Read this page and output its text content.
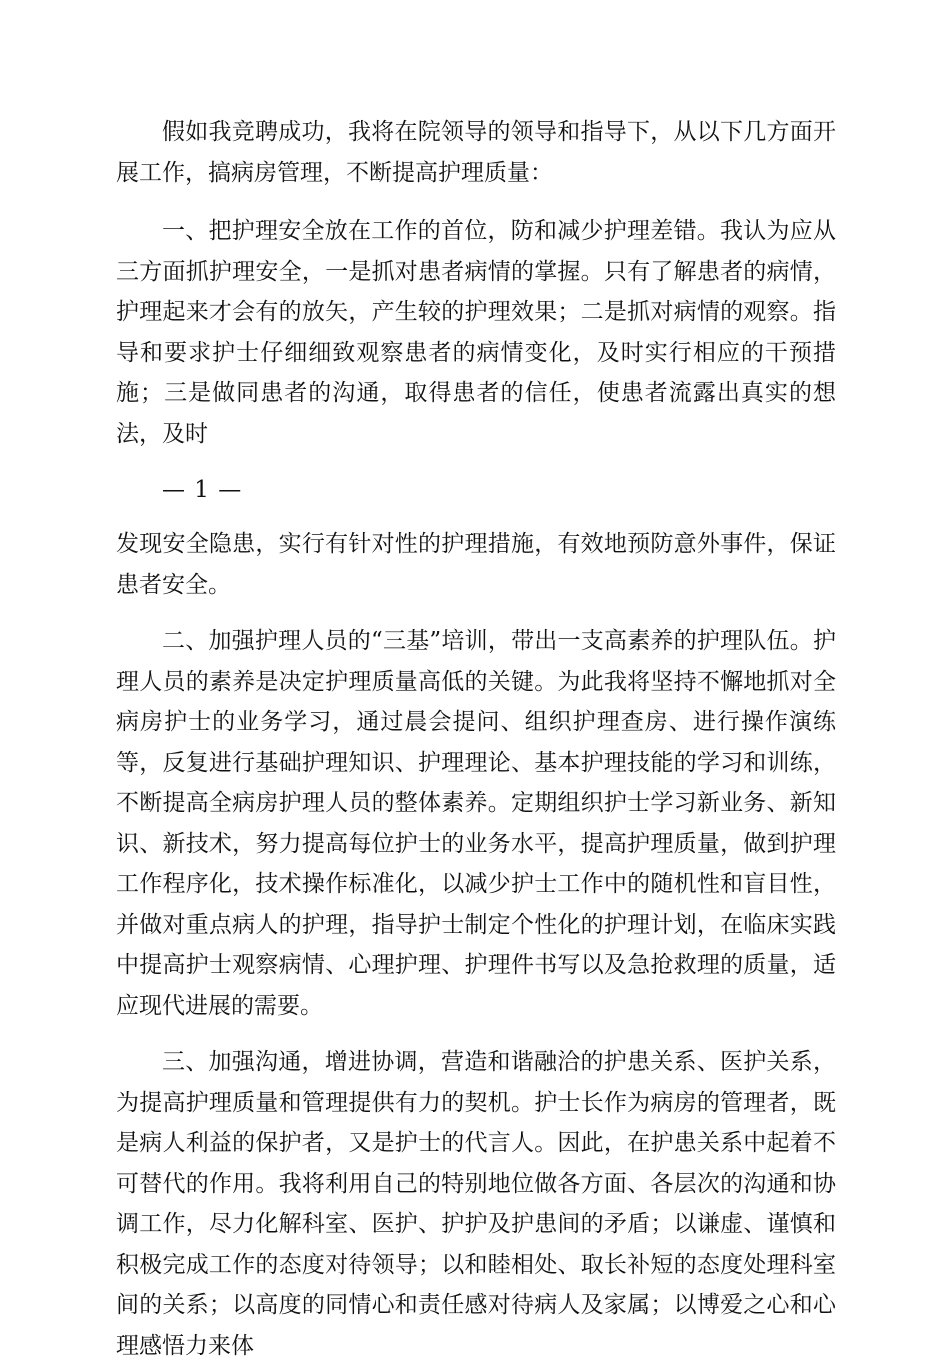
假如我竞聘成功，我将在院领导的领导和指导下，从以下几方面开展工作，搞病房管理，不断提高护理质量：

一、把护理安全放在工作的首位，防和减少护理差错。我认为应从三方面抓护理安全，一是抓对患者病情的掌握。只有了解患者的病情，护理起来才会有的放矢，产生较的护理效果；二是抓对病情的观察。指导和要求护士仔细细致观察患者的病情变化，及时实行相应的干预措施；三是做同患者的沟通，取得患者的信任，使患者流露出真实的想法，及时

— 1 —

发现安全隐患，实行有针对性的护理措施，有效地预防意外事件，保证患者安全。

二、加强护理人员的“三基”培训，带出一支高素养的护理队伍。护理人员的素养是决定护理质量高低的关键。为此我将坚持不懈地抓对全病房护士的业务学习，通过晨会提问、组织护理查房、进行操作演练等，反复进行基础护理知识、护理理论、基本护理技能的学习和训练，不断提高全病房护理人员的整体素养。定期组织护士学习新业务、新知识、新技术，努力提高每位护士的业务水平，提高护理质量，做到护理工作程序化，技术操作标准化，以减少护士工作中的随机性和盲目性，并做对重点病人的护理，指导护士制定个性化的护理计划，在临床实践中提高护士观察病情、心理护理、护理件书写以及急抢救理的质量，适应现代进展的需要。

三、加强沟通，增进协调，营造和谐融洽的护患关系、医护关系，为提高护理质量和管理提供有力的契机。护士长作为病房的管理者，既是病人利益的保护者，又是护士的代言人。因此，在护患关系中起着不可替代的作用。我将利用自己的特别地位做各方面、各层次的沟通和协调工作，尽力化解科室、医护、护护及护患间的矛盾；以谦虚、谨慎和积极完成工作的态度对待领导；以和睦相处、取长补短的态度处理科室间的关系；以高度的同情心和责任感对待病人及家属；以博爱之心和心理感悟力来体
